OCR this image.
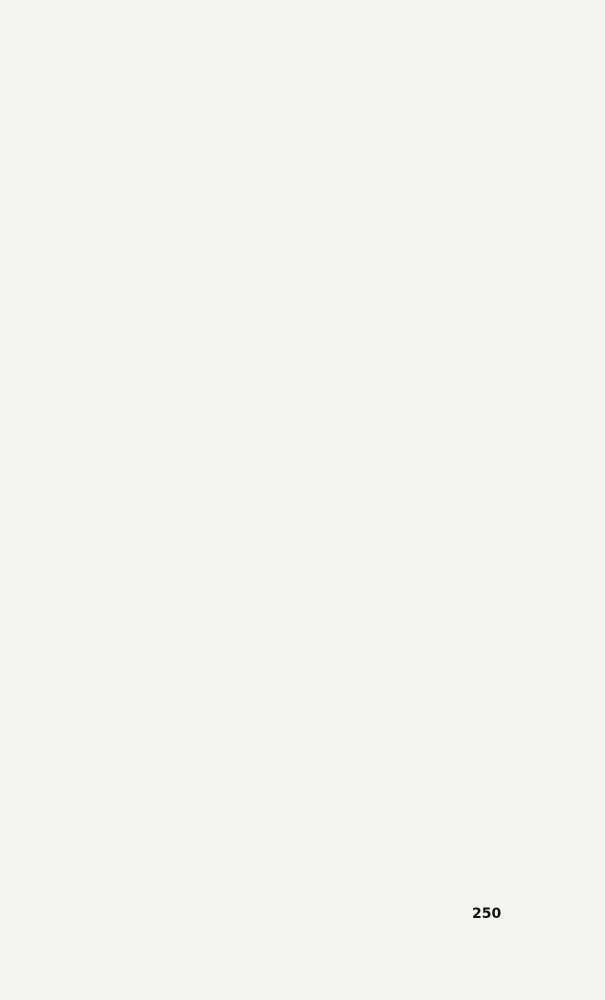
250
